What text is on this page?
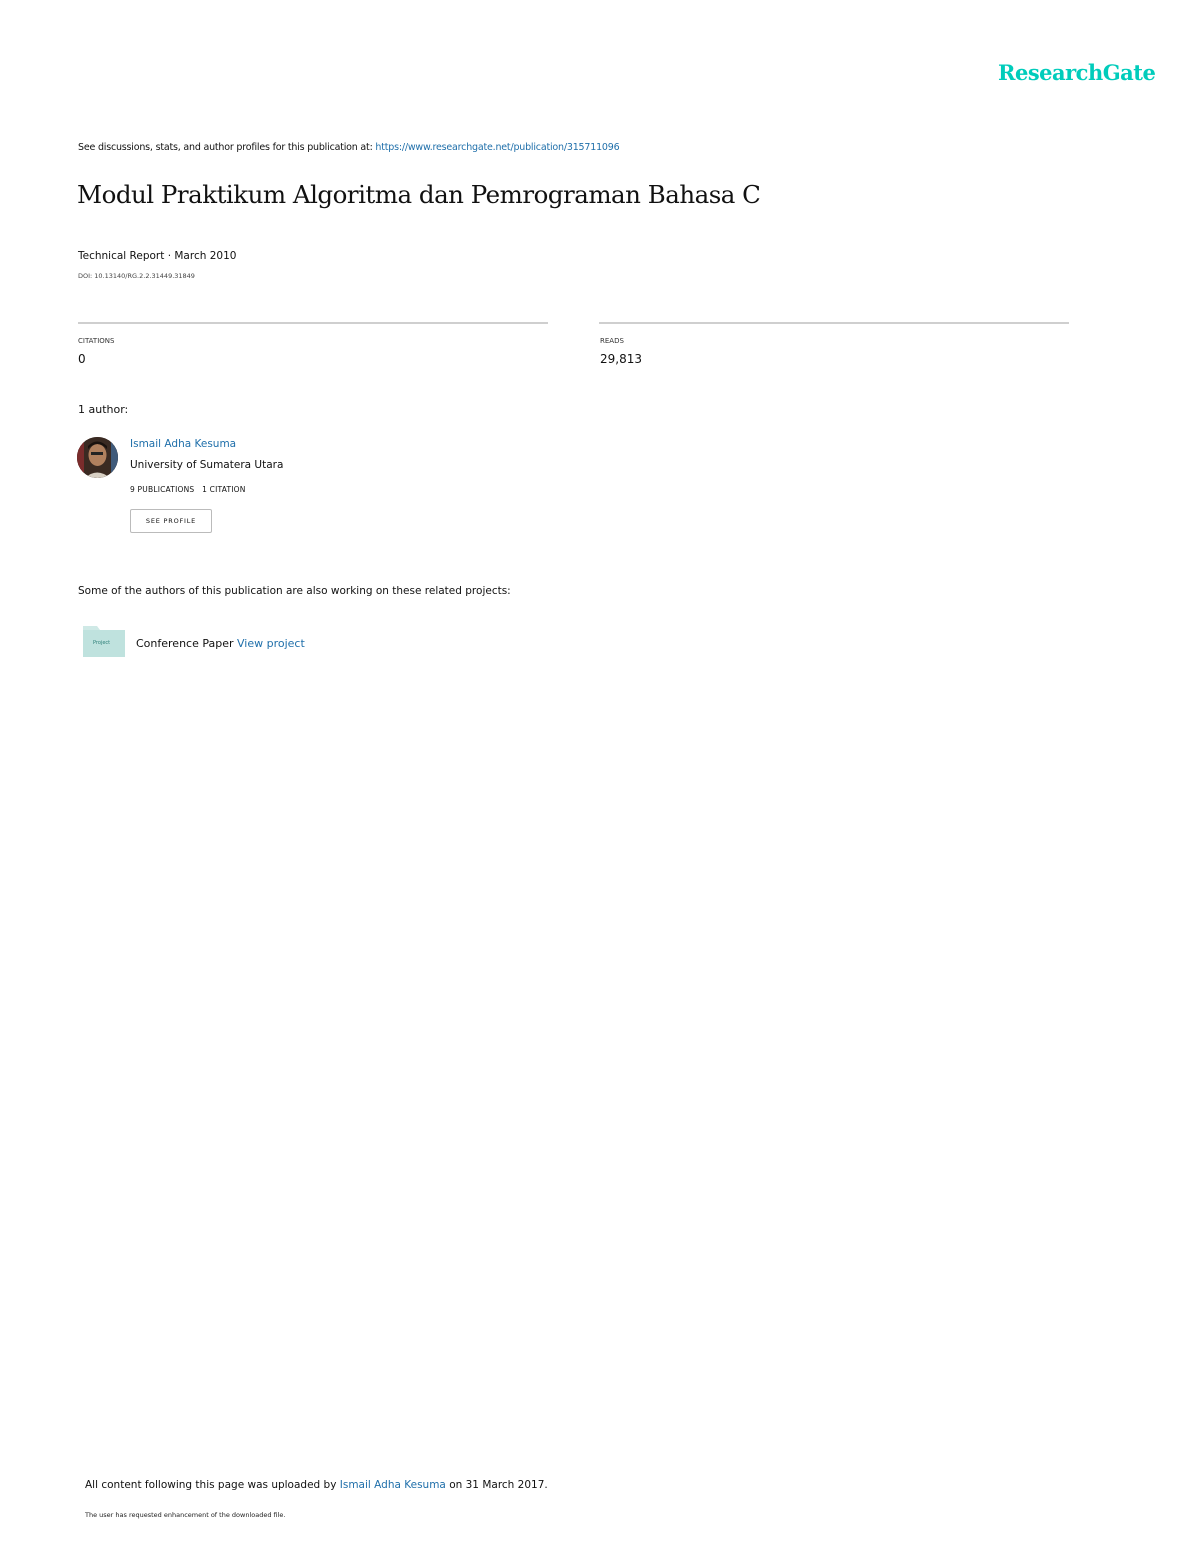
ResearchGate
See discussions, stats, and author profiles for this publication at: https://www.researchgate.net/publication/315711096
Modul Praktikum Algoritma dan Pemrograman Bahasa C
Technical Report · March 2010
DOI: 10.13140/RG.2.2.31449.31849
CITATIONS
0
READS
29,813
1 author:
Ismail Adha Kesuma
University of Sumatera Utara
9 PUBLICATIONS   1 CITATION
SEE PROFILE
Some of the authors of this publication are also working on these related projects:
Project Conference Paper View project
All content following this page was uploaded by Ismail Adha Kesuma on 31 March 2017.
The user has requested enhancement of the downloaded file.
